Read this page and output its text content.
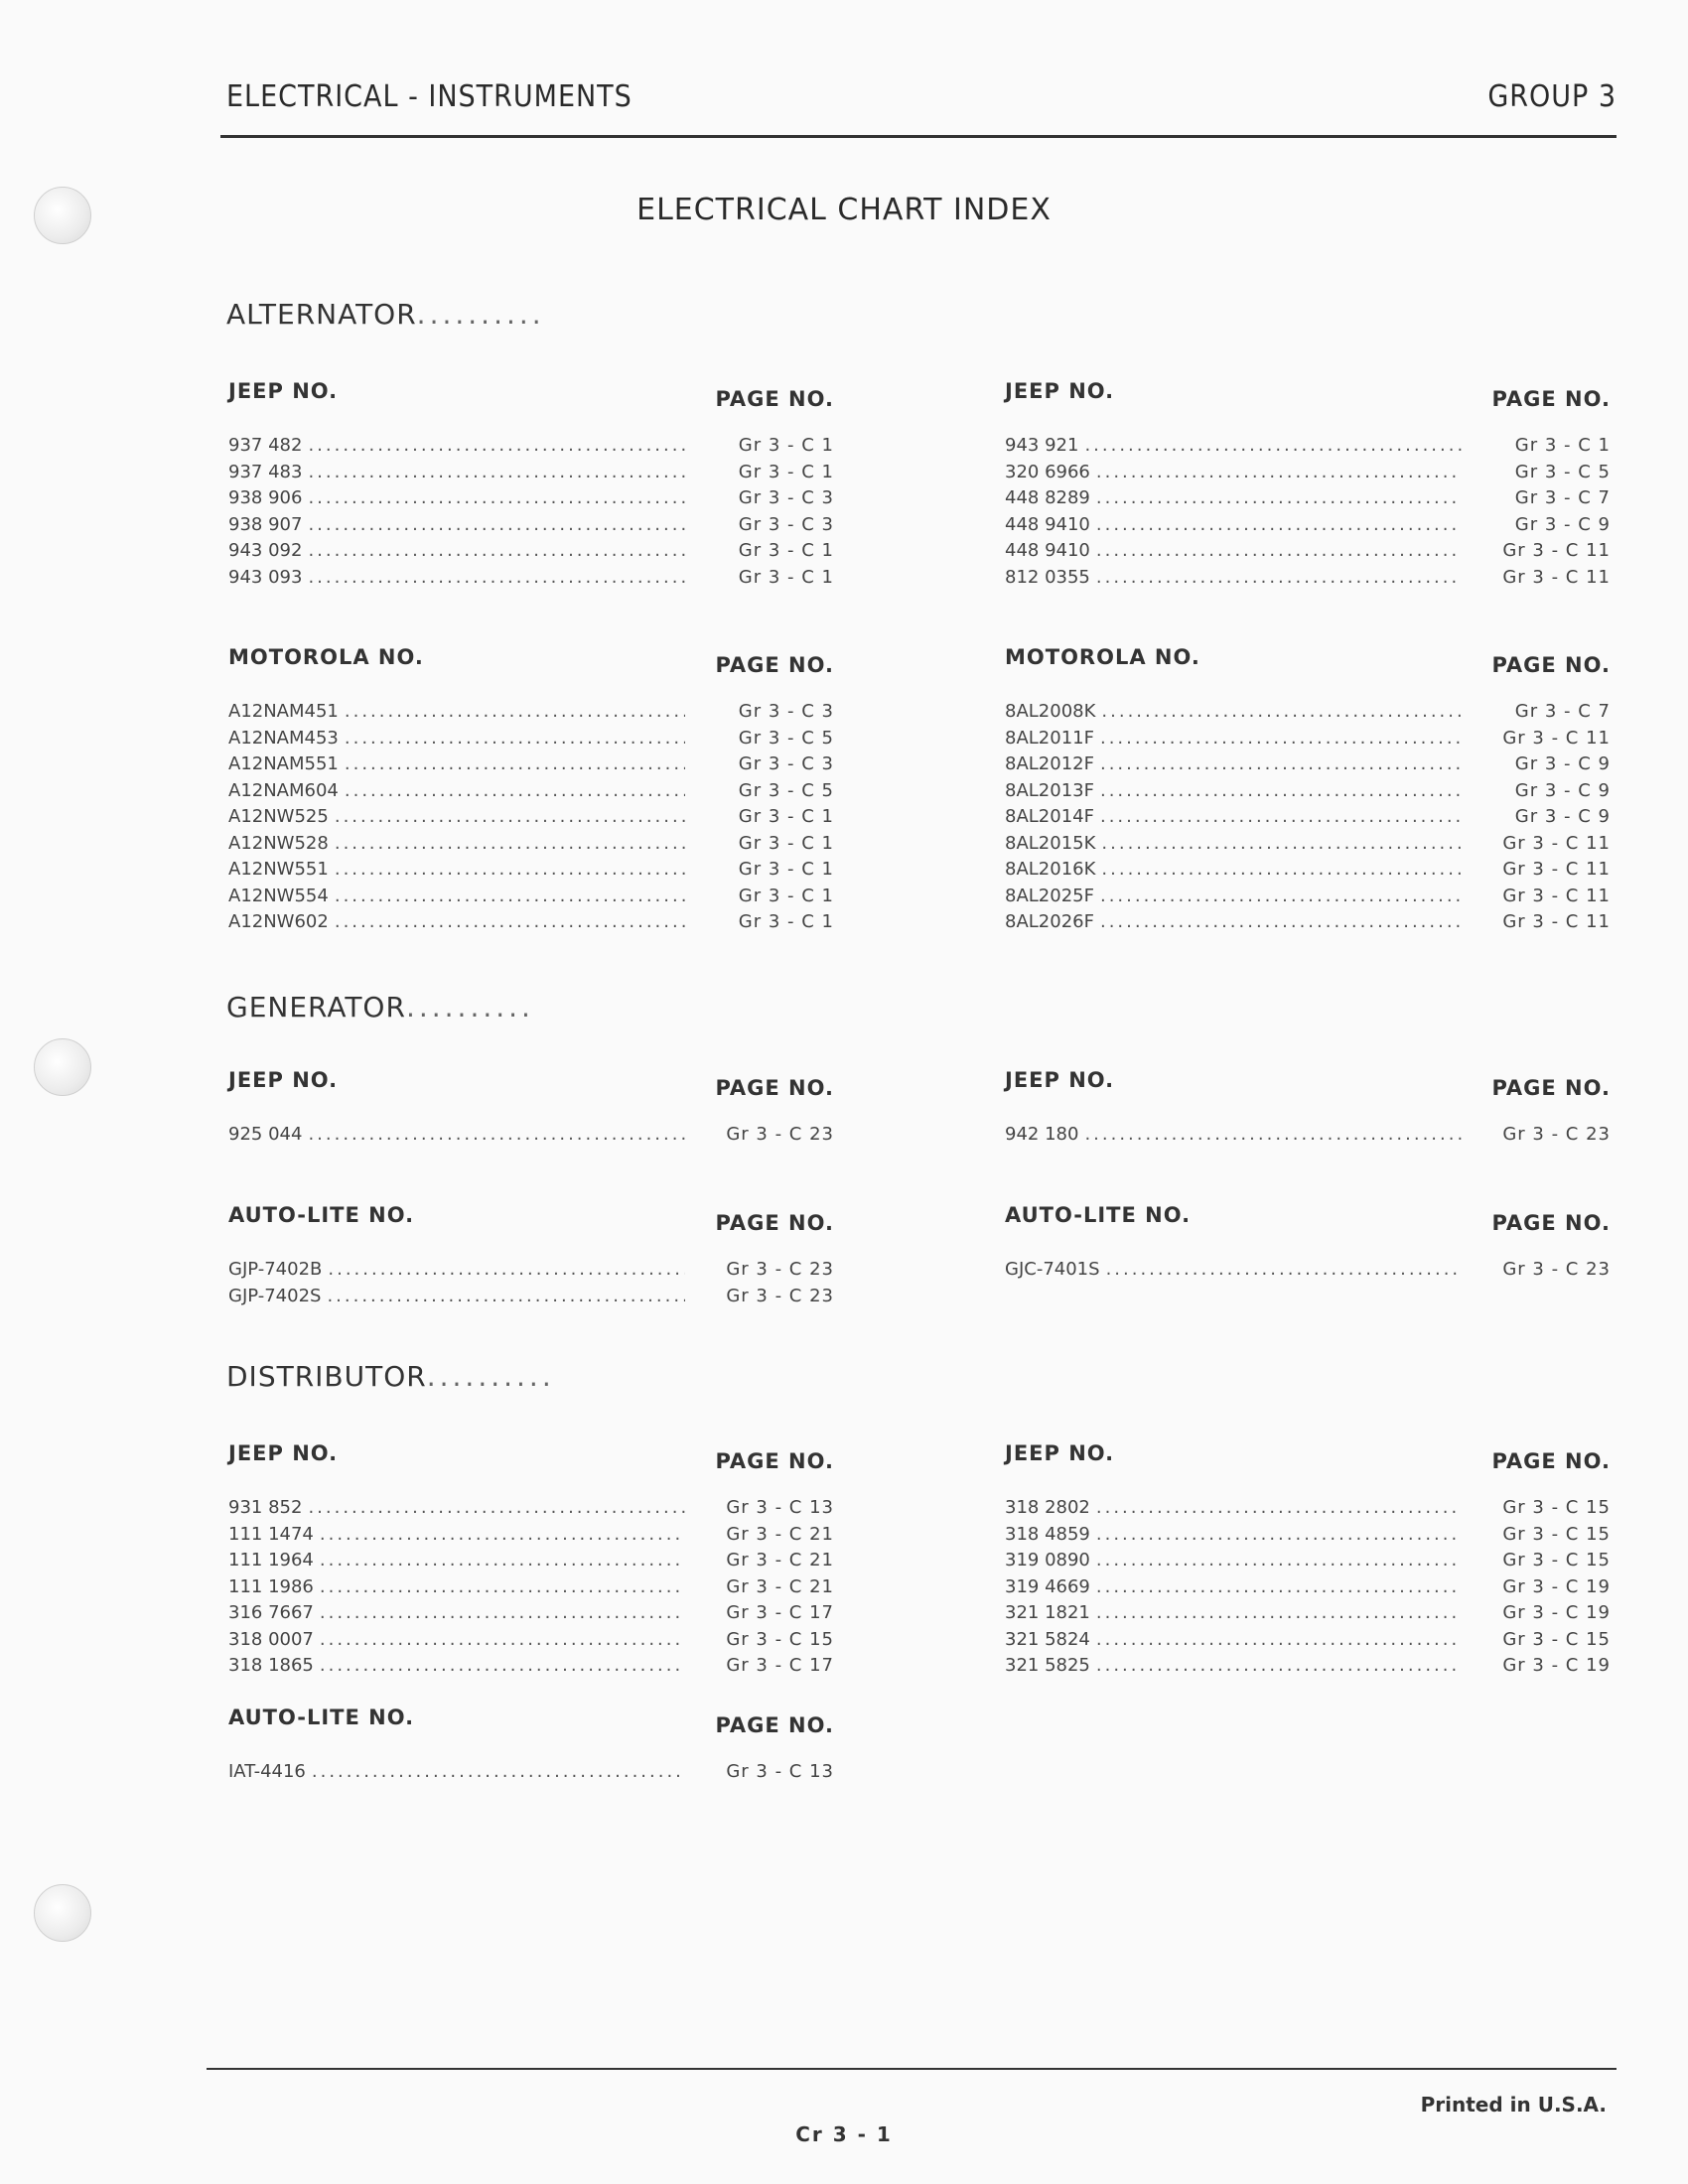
ELECTRICAL - INSTRUMENTS	GROUP 3
ELECTRICAL CHART INDEX
ALTERNATOR..........
JEEP NO.	PAGE NO.
937 482 .....	Gr 3 - C 1
937 483 .....	Gr 3 - C 1
938 906 .....	Gr 3 - C 3
938 907 .....	Gr 3 - C 3
943 092 .....	Gr 3 - C 1
943 093 .....	Gr 3 - C 1
JEEP NO.	PAGE NO.
943 921 .....	Gr 3 - C 1
320 6966 .....	Gr 3 - C 5
448 8289 .....	Gr 3 - C 7
448 9410 .....	Gr 3 - C 9
448 9410 .....	Gr 3 - C 11
812 0355 .....	Gr 3 - C 11
MOTOROLA NO.	PAGE NO.
A12NAM451 .....	Gr 3 - C 3
A12NAM453 .....	Gr 3 - C 5
A12NAM551 .....	Gr 3 - C 3
A12NAM604 .....	Gr 3 - C 5
A12NW525 .....	Gr 3 - C 1
A12NW528 .....	Gr 3 - C 1
A12NW551 .....	Gr 3 - C 1
A12NW554 .....	Gr 3 - C 1
A12NW602 .....	Gr 3 - C 1
MOTOROLA NO.	PAGE NO.
8AL2008K .....	Gr 3 - C 7
8AL2011F .....	Gr 3 - C 11
8AL2012F .....	Gr 3 - C 9
8AL2013F .....	Gr 3 - C 9
8AL2014F .....	Gr 3 - C 9
8AL2015K .....	Gr 3 - C 11
8AL2016K .....	Gr 3 - C 11
8AL2025F .....	Gr 3 - C 11
8AL2026F .....	Gr 3 - C 11
GENERATOR..........
JEEP NO.	PAGE NO.
925 044 .....	Gr 3 - C 23
JEEP NO.	PAGE NO.
942 180 .....	Gr 3 - C 23
AUTO-LITE NO.	PAGE NO.
GJP-7402B .....	Gr 3 - C 23
GJP-7402S .....	Gr 3 - C 23
AUTO-LITE NO.	PAGE NO.
GJC-7401S .....	Gr 3 - C 23
DISTRIBUTOR..........
JEEP NO.	PAGE NO.
931 852 .....	Gr 3 - C 13
111 1474 .....	Gr 3 - C 21
111 1964 .....	Gr 3 - C 21
111 1986 .....	Gr 3 - C 21
316 7667 .....	Gr 3 - C 17
318 0007 .....	Gr 3 - C 15
318 1865 .....	Gr 3 - C 17
JEEP NO.	PAGE NO.
318 2802 .....	Gr 3 - C 15
318 4859 .....	Gr 3 - C 15
319 0890 .....	Gr 3 - C 15
319 4669 .....	Gr 3 - C 19
321 1821 .....	Gr 3 - C 19
321 5824 .....	Gr 3 - C 15
321 5825 .....	Gr 3 - C 19
AUTO-LITE NO.	PAGE NO.
IAT-4416 .....	Gr 3 - C 13
Printed in U.S.A.
Cr 3 - 1
